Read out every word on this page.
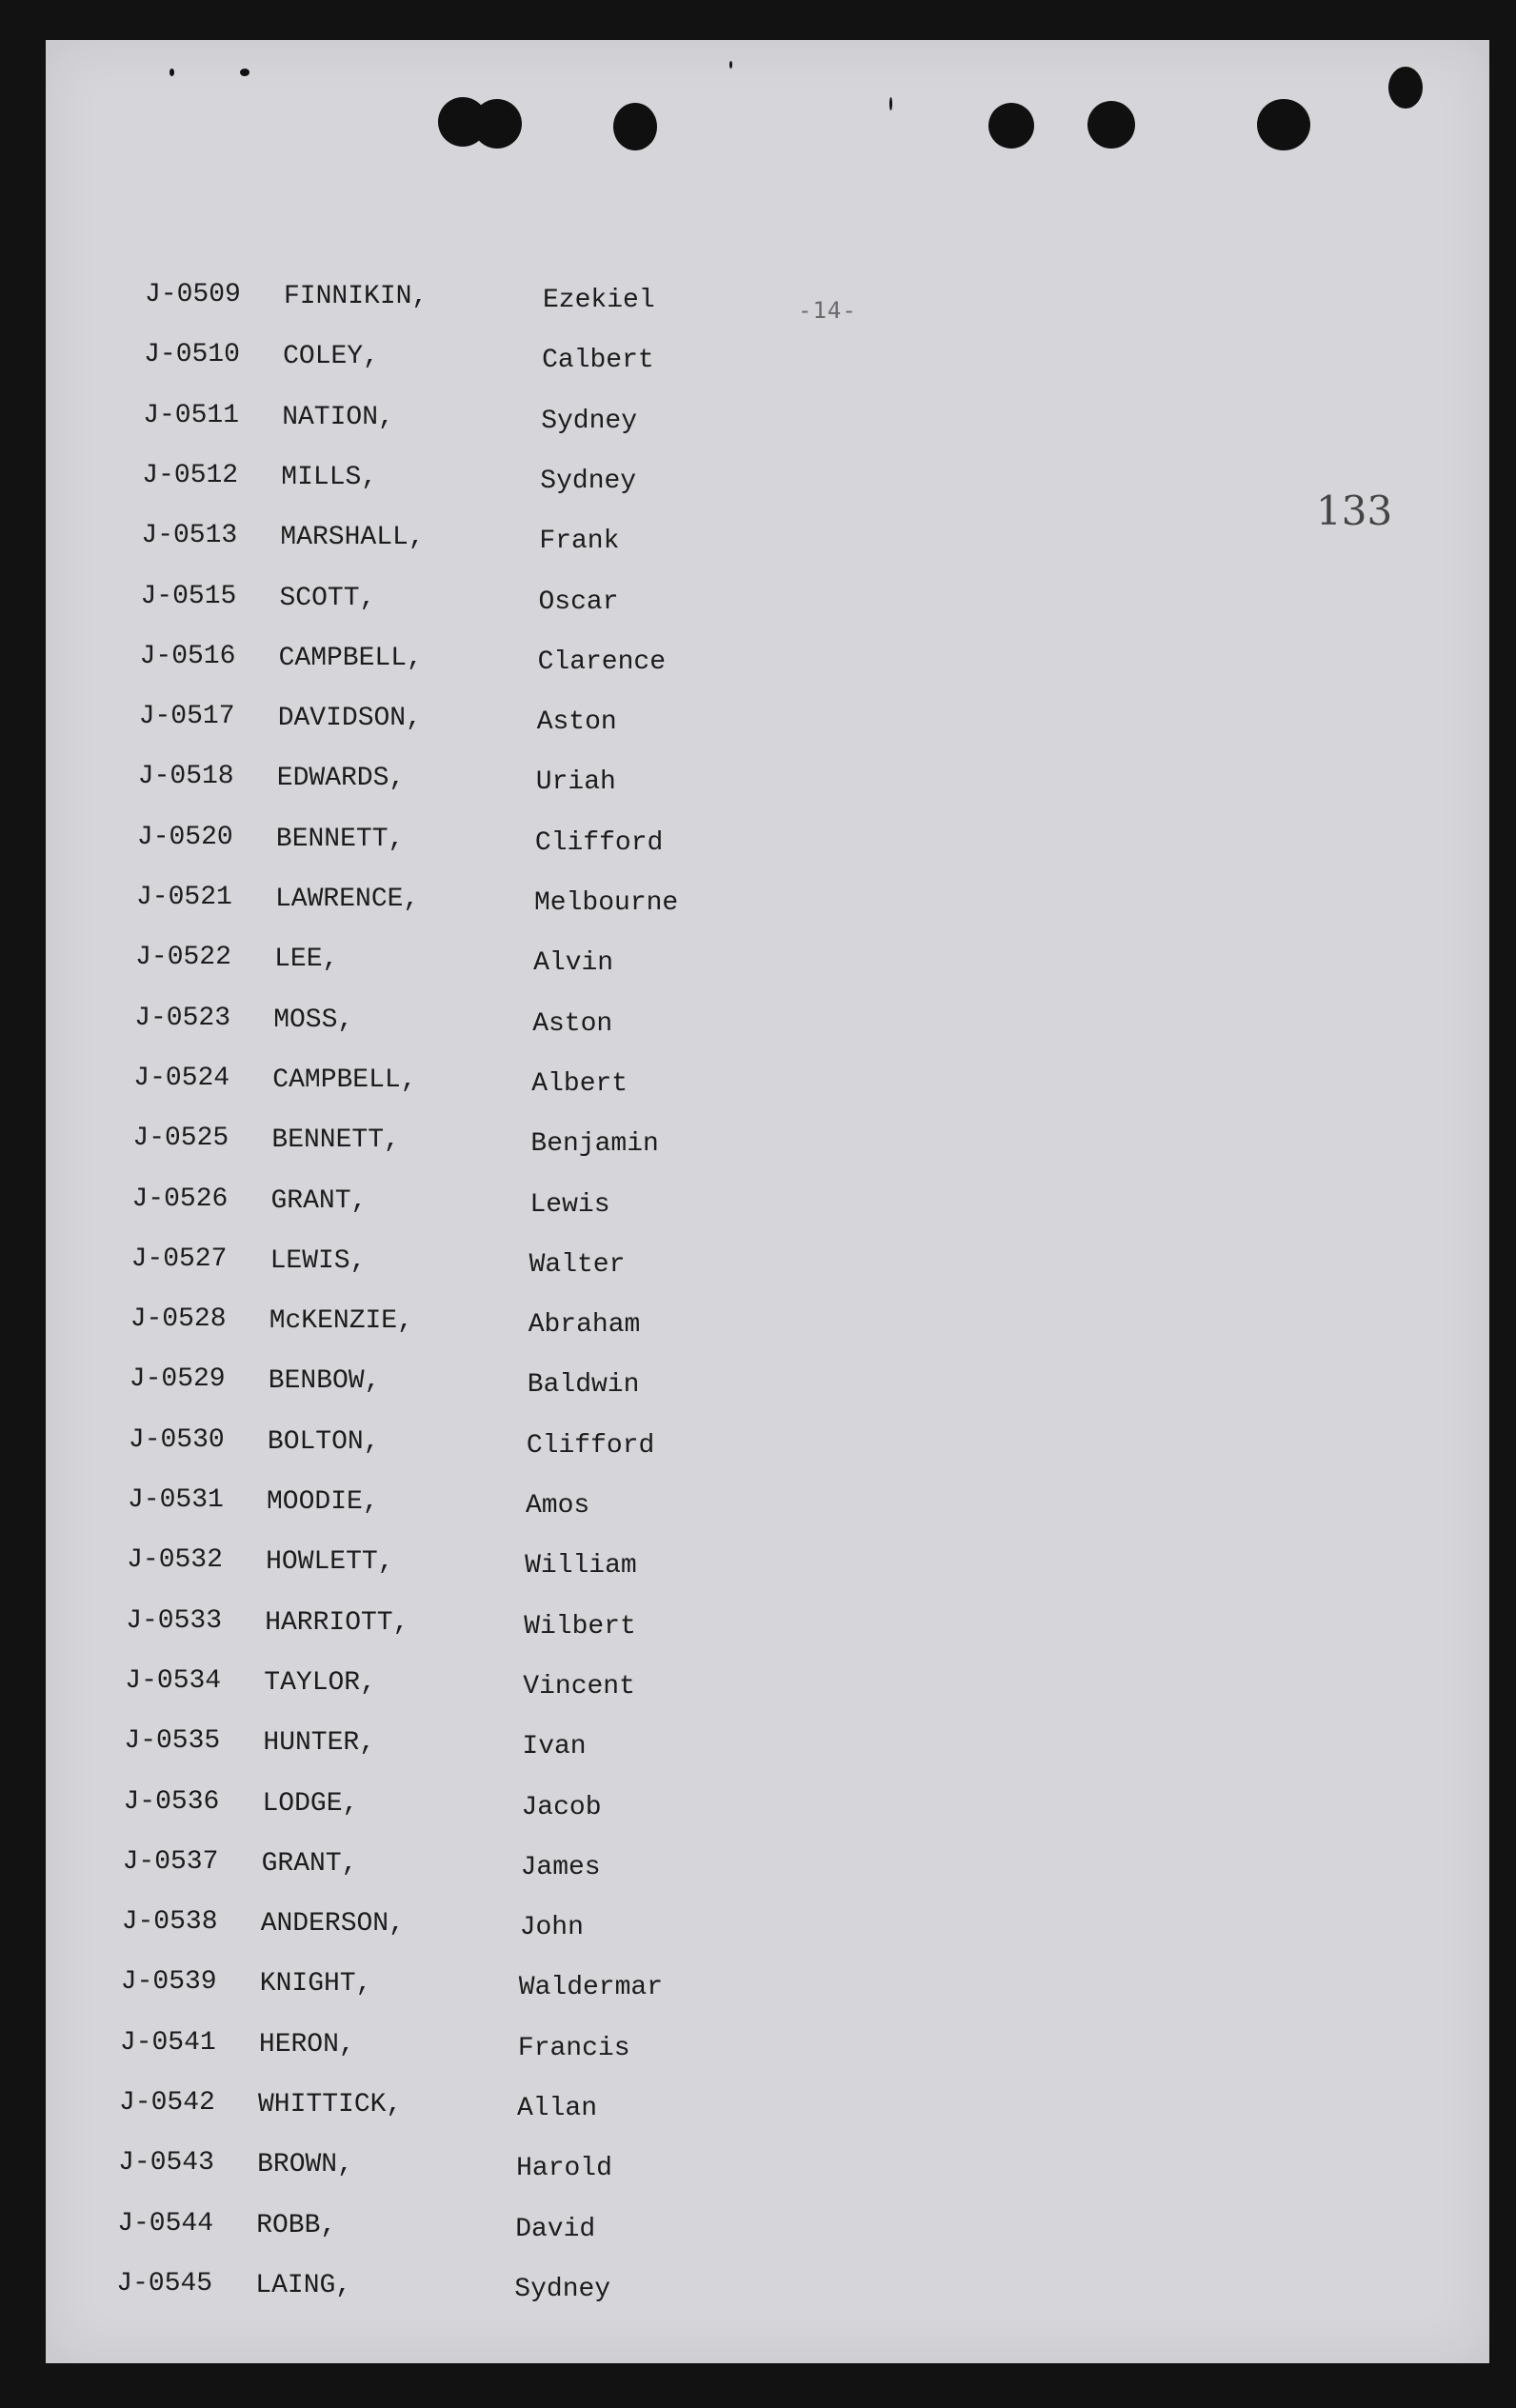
-14-
133
J-0509 FINNIKIN,	Ezekiel
J-0510 COLEY,	Calbert
J-0511 NATION,	Sydney
J-0512 MILLS,	Sydney
J-0513 MARSHALL,	Frank
J-0515 SCOTT,	Oscar
J-0516 CAMPBELL,	Clarence
J-0517 DAVIDSON,	Aston
J-0518 EDWARDS,	Uriah
J-0520 BENNETT,	Clifford
J-0521 LAWRENCE,	Melbourne
J-0522 LEE,	Alvin
J-0523 MOSS,	Aston
J-0524 CAMPBELL,	Albert
J-0525 BENNETT,	Benjamin
J-0526 GRANT,	Lewis
J-0527 LEWIS,	Walter
J-0528 McKENZIE,	Abraham
J-0529 BENBOW,	Baldwin
J-0530 BOLTON,	Clifford
J-0531 MOODIE,	Amos
J-0532 HOWLETT,	William
J-0533 HARRIOTT,	Wilbert
J-0534 TAYLOR,	Vincent
J-0535 HUNTER,	Ivan
J-0536 LODGE,	Jacob
J-0537 GRANT,	James
J-0538 ANDERSON,	John
J-0539 KNIGHT,	Waldermar
J-0541 HERON,	Francis
J-0542 WHITTICK,	Allan
J-0543 BROWN,	Harold
J-0544 ROBB,	David
J-0545 LAING,	Sydney
